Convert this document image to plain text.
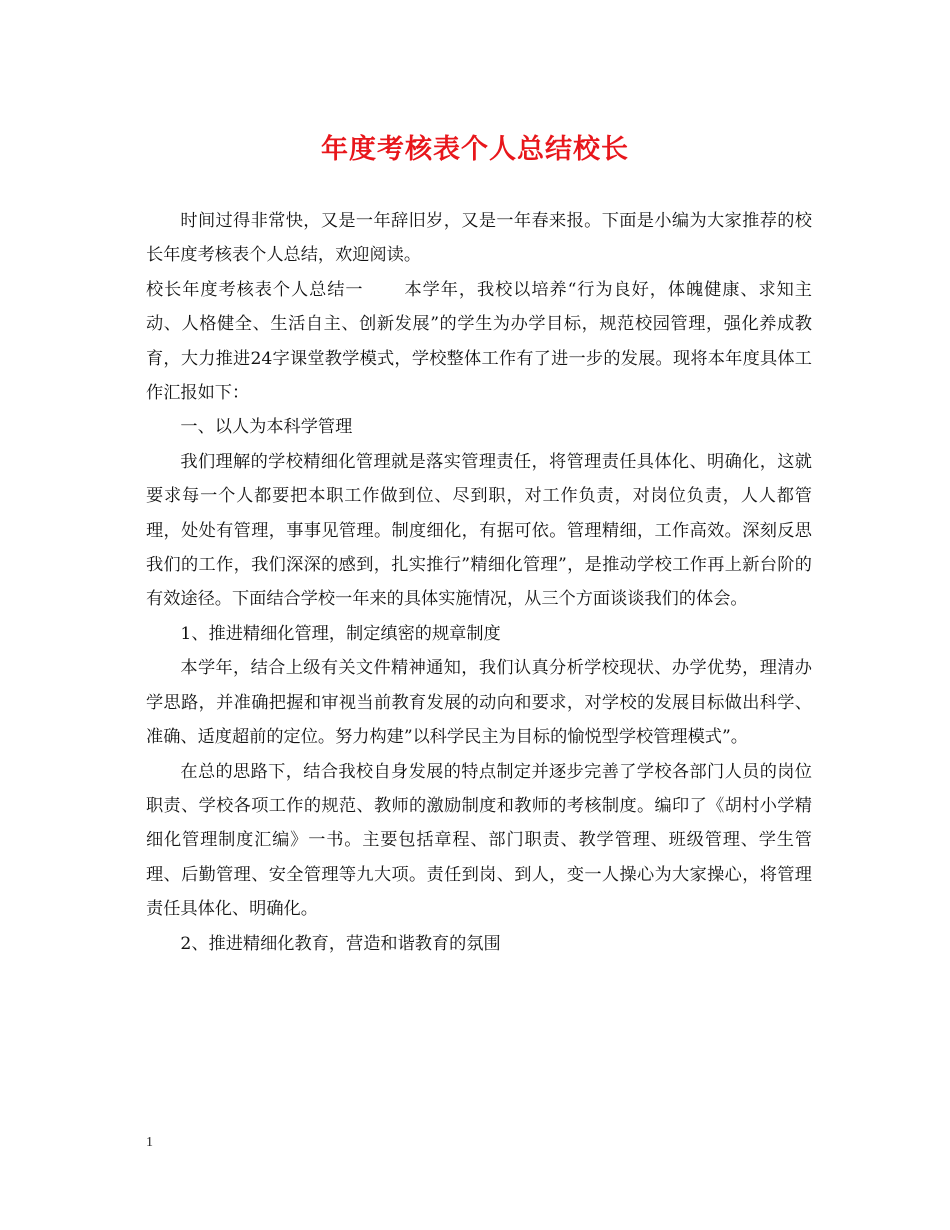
年度考核表个人总结校长

时间过得非常快，又是一年辞旧岁，又是一年春来报。下面是小编为大家推荐的校长年度考核表个人总结，欢迎阅读。

校长年度考核表个人总结一 本学年，我校以培养“行为良好，体魄健康、求知主动、人格健全、生活自主、创新发展”的学生为办学目标，规范校园管理，强化养成教育，大力推进24字课堂教学模式，学校整体工作有了进一步的发展。现将本年度具体工作汇报如下：

一、以人为本科学管理

我们理解的学校精细化管理就是落实管理责任，将管理责任具体化、明确化，这就要求每一个人都要把本职工作做到位、尽到职，对工作负责，对岗位负责，人人都管理，处处有管理，事事见管理。制度细化，有据可依。管理精细，工作高效。深刻反思我们的工作，我们深深的感到，扎实推行”精细化管理”，是推动学校工作再上新台阶的有效途径。下面结合学校一年来的具体实施情况，从三个方面谈谈我们的体会。

1、推进精细化管理，制定缜密的规章制度

本学年，结合上级有关文件精神通知，我们认真分析学校现状、办学优势，理清办学思路，并准确把握和审视当前教育发展的动向和要求，对学校的发展目标做出科学、准确、适度超前的定位。努力构建”以科学民主为目标的愉悦型学校管理模式”。

在总的思路下，结合我校自身发展的特点制定并逐步完善了学校各部门人员的岗位职责、学校各项工作的规范、教师的激励制度和教师的考核制度。编印了《胡村小学精细化管理制度汇编》一书。主要包括章程、部门职责、教学管理、班级管理、学生管理、后勤管理、安全管理等九大项。责任到岗、到人，变一人操心为大家操心，将管理责任具体化、明确化。

2、推进精细化教育，营造和谐教育的氛围

1
